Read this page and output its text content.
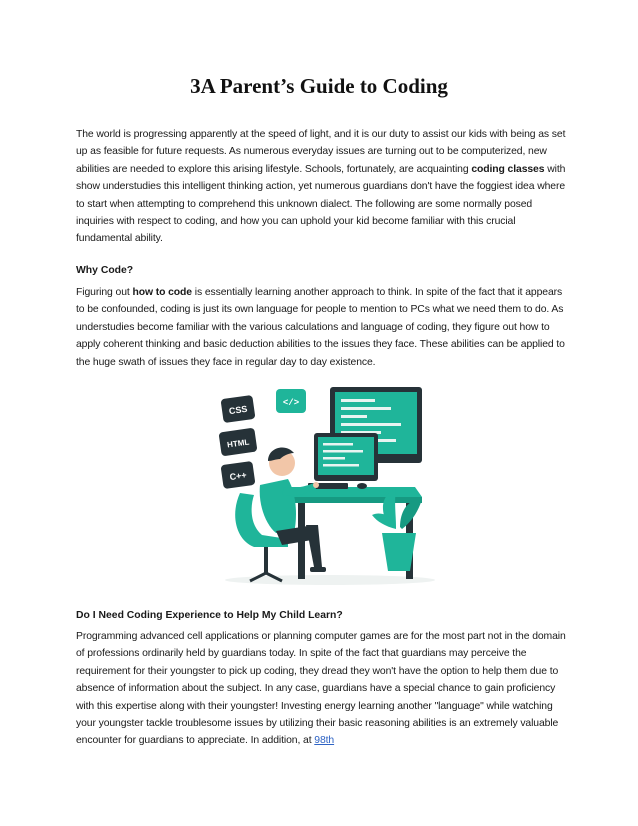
3A Parent’s Guide to Coding

The world is progressing apparently at the speed of light, and it is our duty to assist our kids with being as set up as feasible for future requests. As numerous everyday issues are turning out to be computerized, new abilities are needed to explore this arising lifestyle. Schools, fortunately, are acquainting coding classes with show understudies this intelligent thinking action, yet numerous guardians don't have the foggiest idea where to start when attempting to comprehend this unknown dialect. The following are some normally posed inquiries with respect to coding, and how you can uphold your kid become familiar with this crucial fundamental ability.

Why Code?

Figuring out how to code is essentially learning another approach to think. In spite of the fact that it appears to be confounded, coding is just its own language for people to mention to PCs what we need them to do. As understudies become familiar with the various calculations and language of coding, they figure out how to apply coherent thinking and basic deduction abilities to the issues they face. These abilities can be applied to the huge swath of issues they face in regular day to day existence.

CSS
HTML
C++
</>

Do I Need Coding Experience to Help My Child Learn?

Programming advanced cell applications or planning computer games are for the most part not in the domain of professions ordinarily held by guardians today. In spite of the fact that guardians may perceive the requirement for their youngster to pick up coding, they dread they won't have the option to help them due to absence of information about the subject. In any case, guardians have a special chance to gain proficiency with this expertise along with their youngster! Investing energy learning another "language" while watching your youngster tackle troublesome issues by utilizing their basic reasoning abilities is an extremely valuable encounter for guardians to appreciate. In addition, at 98th
